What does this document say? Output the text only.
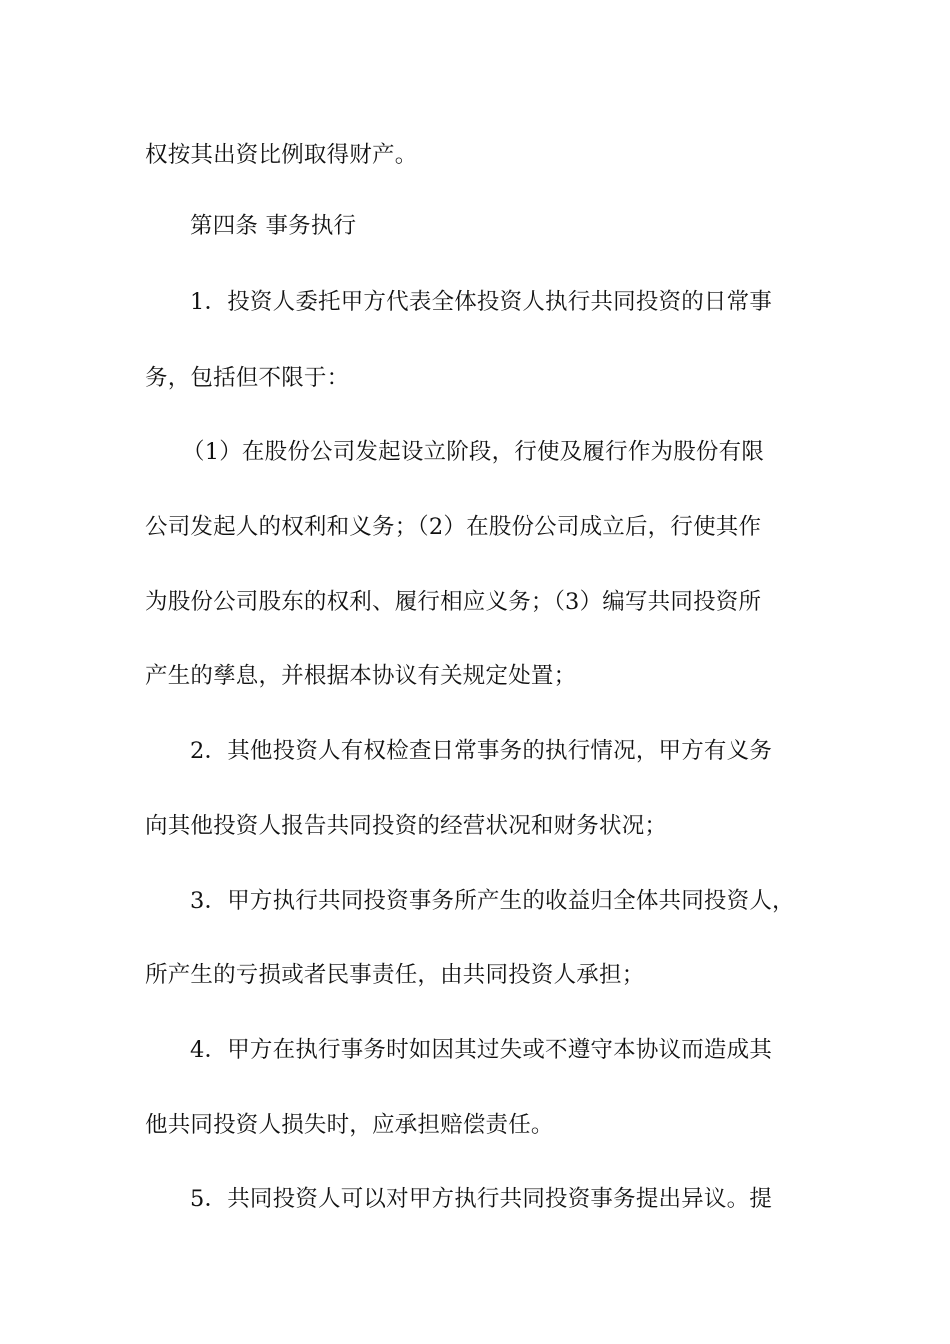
权按其出资比例取得财产。
第四条 事务执行
1．投资人委托甲方代表全体投资人执行共同投资的日常事
务，包括但不限于：
（1）在股份公司发起设立阶段，行使及履行作为股份有限
公司发起人的权利和义务；（2）在股份公司成立后，行使其作
为股份公司股东的权利、履行相应义务；（3）编写共同投资所
产生的孳息，并根据本协议有关规定处置；
2．其他投资人有权检查日常事务的执行情况，甲方有义务
向其他投资人报告共同投资的经营状况和财务状况；
3．甲方执行共同投资事务所产生的收益归全体共同投资人，
所产生的亏损或者民事责任，由共同投资人承担；
4．甲方在执行事务时如因其过失或不遵守本协议而造成其
他共同投资人损失时，应承担赔偿责任。
5．共同投资人可以对甲方执行共同投资事务提出异议。提
